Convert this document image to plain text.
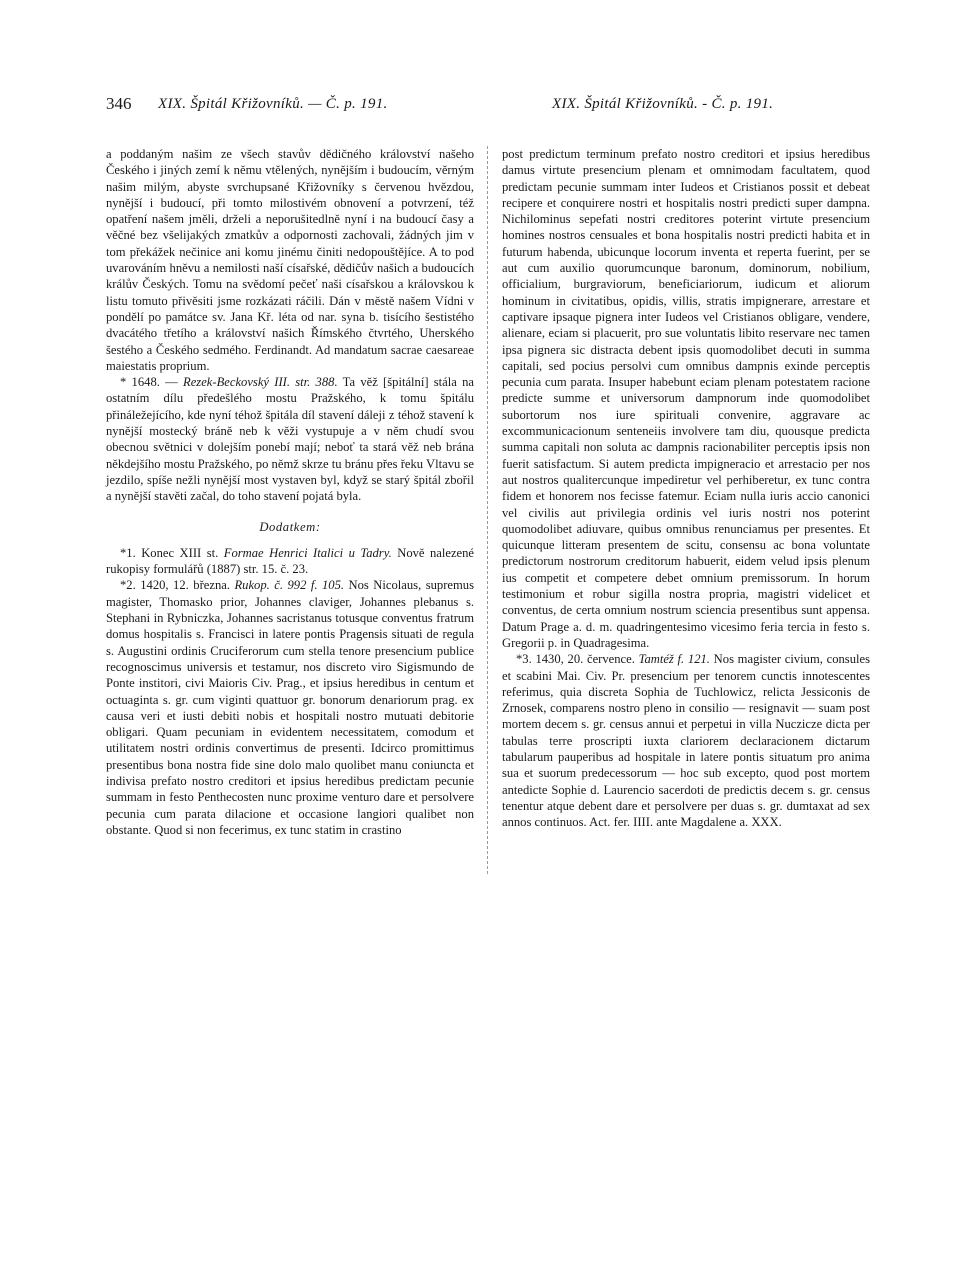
346 XIX. Špitál Křižovníků. — Č. p. 191.	XIX. Špitál Křižovníků. - Č. p. 191.

a poddaným našim ze všech stavův dědičného království našeho Českého i jiných zemí k němu vtělených, nynějším i budoucím, věrným našim milým, abyste svrchupsané Křižovníky s červenou hvězdou, nynější i budoucí, při tomto milostivém obnovení a potvrzení, též opatření našem jměli, drželi a neporušitedlně nyní i na budoucí časy a věčné bez všelijakých zmatkův a odpornosti zachovali, žádných jim v tom překážek nečinice ani komu jinému činiti nedopouštějíce. A to pod uvarováním hněvu a nemilosti naší císařské, dědičův našich a budoucích králův Českých. Tomu na svědomí pečeť naši císařskou a královskou k listu tomuto přivěsiti jsme rozkázati ráčili. Dán v městě našem Vídni v pondělí po památce sv. Jana Kř. léta od nar. syna b. tisícího šestistého dvacátého třetího a království našich Římského čtvrtého, Uherského šestého a Českého sedmého. Ferdinandt. Ad mandatum sacrae caesareae maiestatis proprium.

* 1648. — Rezek-Beckovský III. str. 388. Ta věž [špitální] stála na ostatním dílu předešlého mostu Pražského, k tomu špitálu přináležejícího, kde nyní téhož špitála díl stavení dáleji z téhož stavení k nynější mostecký bráně neb k věži vystupuje a v něm chudí svou obecnou světnici v dolejším ponebí mají; neboť ta stará věž neb brána někdejšího mostu Pražského, po němž skrze tu bránu přes řeku Vltavu se jezdilo, spíše nežli nynější most vystaven byl, když se starý špitál zbořil a nynější stavěti začal, do toho stavení pojatá byla.

Dodatkem:

*1. Konec XIII st. Formae Henrici Italici u Tadry. Nově nalezené rukopisy formulářů (1887) str. 15. č. 23.

*2. 1420, 12. března. Rukop. č. 992 f. 105. Nos Nicolaus, supremus magister, Thomasko prior, Johannes claviger, Johannes plebanus s. Stephani in Rybniczka, Johannes sacristanus totusque conventus fratrum domus hospitalis s. Francisci in latere pontis Pragensis situati de regula s. Augustini ordinis Cruciferorum cum stella tenore presencium publice recognoscimus universis et testamur, nos discreto viro Sigismundo de Ponte institori, civi Maioris Civ. Prag., et ipsius heredibus in centum et octuaginta s. gr. cum viginti quattuor gr. bonorum denariorum prag. ex causa veri et iusti debiti nobis et hospitali nostro mutuati debitorie obligari. Quam pecuniam in evidentem necessitatem, comodum et utilitatem nostri ordinis convertimus de presenti. Idcirco promittimus presentibus bona nostra fide sine dolo malo quolibet manu coniuncta et indivisa prefato nostro creditori et ipsius heredibus predictam pecunie summam in festo Penthecosten nunc proxime venturo dare et persolvere pecunia cum parata dilacione et occasione langiori qualibet non obstante. Quod si non fecerimus, ex tunc statim in crastino

post predictum terminum prefato nostro creditori et ipsius heredibus damus virtute presencium plenam et omnimodam facultatem, quod predictam pecunie summam inter Iudeos et Cristianos possit et debeat recipere et conquirere nostri et hospitalis nostri predicti super dampna. Nichilominus sepefati nostri creditores poterint virtute presencium homines nostros censuales et bona hospitalis nostri predicti habita et in futurum habenda, ubicunque locorum inventa et reperta fuerint, per se aut cum auxilio quorumcunque baronum, dominorum, nobilium, officialium, burgraviorum, beneficiariorum, iudicum et aliorum hominum in civitatibus, opidis, villis, stratis impignerare, arrestare et captivare ipsaque pignera inter Iudeos vel Cristianos obligare, vendere, alienare, eciam si placuerit, pro sue voluntatis libito reservare nec tamen ipsa pignera sic distracta debent ipsis quomodolibet decuti in summa capitali, sed pocius persolvi cum omnibus dampnis exinde perceptis pecunia cum parata. Insuper habebunt eciam plenam potestatem racione predicte summe et universorum dampnorum inde quomodolibet subortorum nos iure spirituali convenire, aggravare ac excommunicacionum senteneiis involvere tam diu, quousque predicta summa capitali non soluta ac dampnis racionabiliter perceptis ipsis non fuerit satisfactum. Si autem predicta impigneracio et arrestacio per nos aut nostros qualitercunque impediretur vel perhiberetur, ex tunc contra fidem et honorem nos fecisse fatemur. Eciam nulla iuris accio canonici vel civilis aut privilegia ordinis vel iuris nostri nos poterint quomodolibet adiuvare, quibus omnibus renunciamus per presentes. Et quicunque litteram presentem de scitu, consensu ac bona voluntate predictorum nostrorum creditorum habuerit, eidem velud ipsis plenum ius competit et competere debet omnium premissorum. In horum testimonium et robur sigilla nostra propria, magistri videlicet et conventus, de certa omnium nostrum sciencia presentibus sunt appensa. Datum Prage a. d. m. quadringentesimo vicesimo feria tercia in festo s. Gregorii p. in Quadragesima.

*3. 1430, 20. července. Tamtéž f. 121. Nos magister civium, consules et scabini Mai. Civ. Pr. presencium per tenorem cunctis innotescentes referimus, quia discreta Sophia de Tuchlowicz, relicta Jessiconis de Zrnosek, comparens nostro pleno in consilio — resignavit — suam post mortem decem s. gr. census annui et perpetui in villa Nuczicze dicta per tabulas terre proscripti iuxta clariorem declaracionem dictarum tabularum pauperibus ad hospitale in latere pontis situatum pro anima sua et suorum predecessorum — hoc sub excepto, quod post mortem antedicte Sophie d. Laurencio sacerdoti de predictis decem s. gr. census tenentur atque debent dare et persolvere per duas s. gr. dumtaxat ad sex annos continuos. Act. fer. IIII. ante Magdalene a. XXX.
